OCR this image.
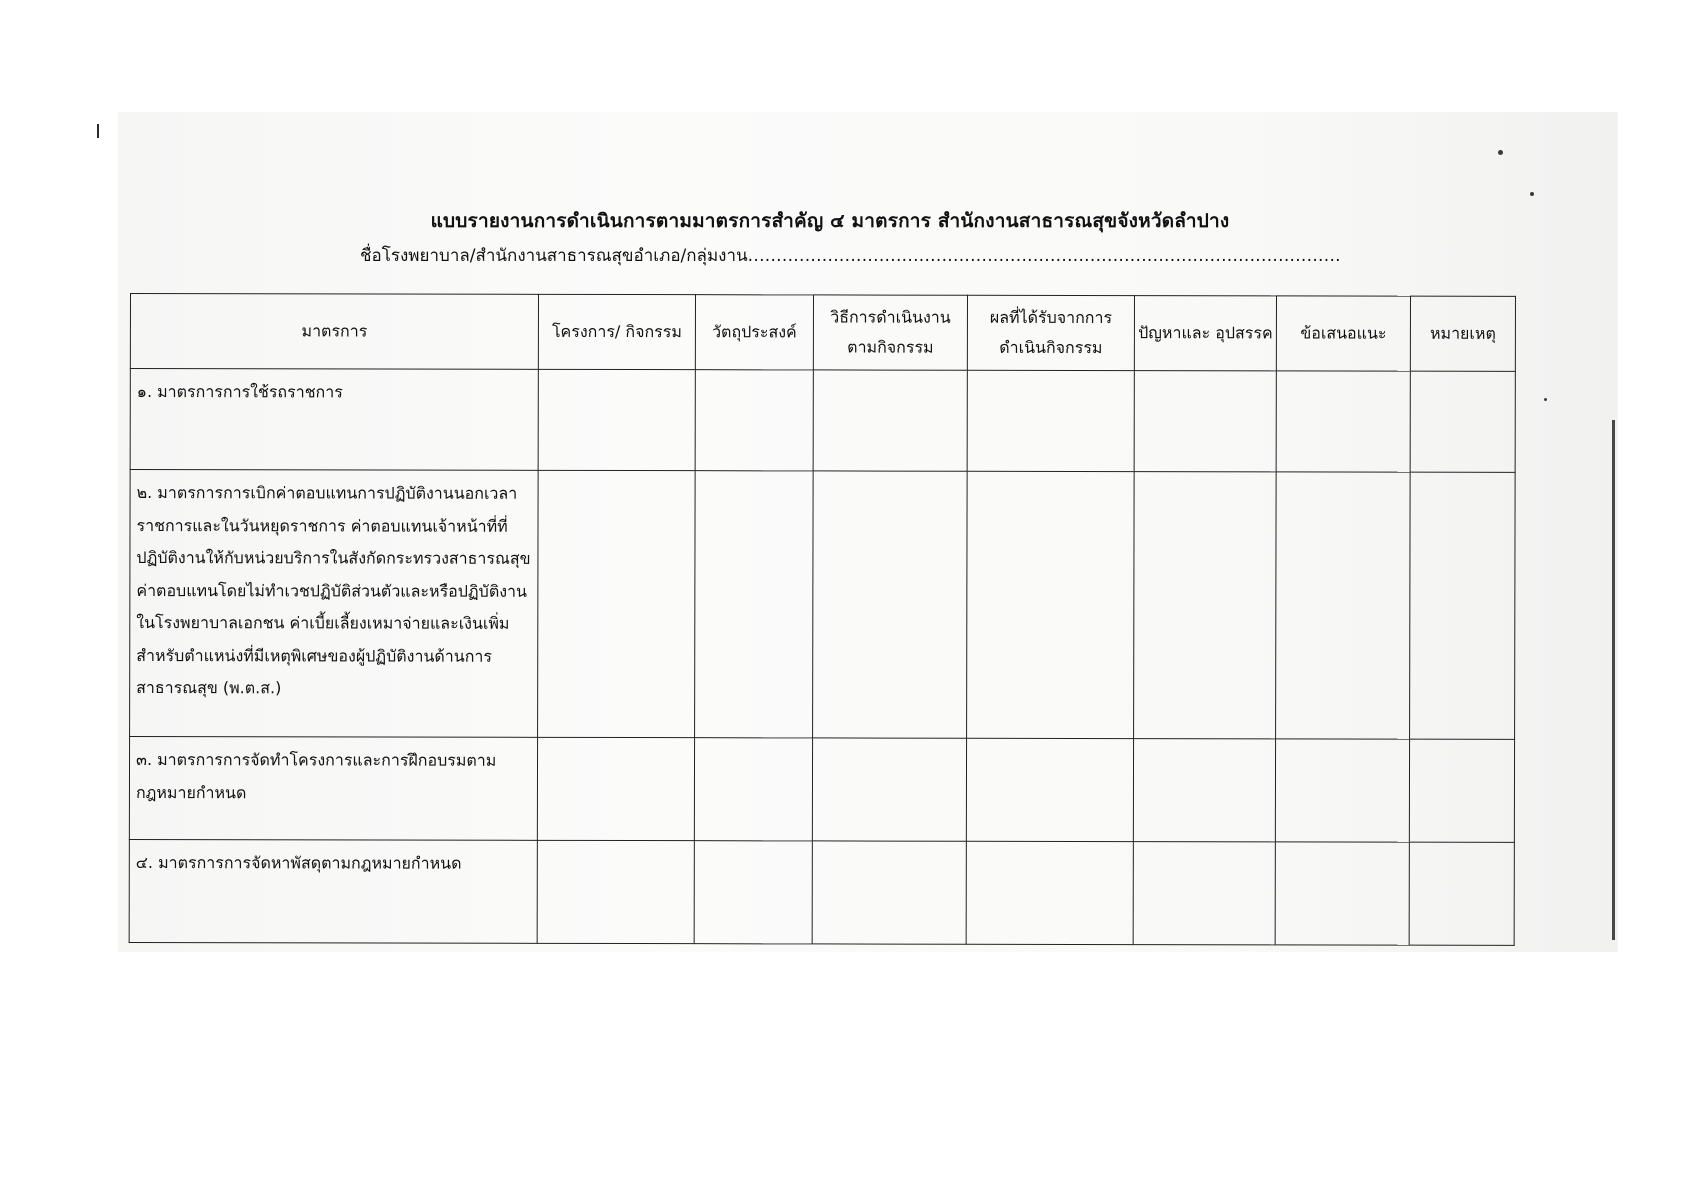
แบบรายงานการดำเนินการตามมาตรการสำคัญ ๔ มาตรการ สำนักงานสาธารณสุขจังหวัดลำปาง
ชื่อโรงพยาบาล/สำนักงานสาธารณสุขอำเภอ/กลุ่มงาน........................................................................................................
มาตรการ	โครงการ/ กิจกรรม	วัตถุประสงค์	วิธีการดำเนินงาน ตามกิจกรรม	ผลที่ได้รับจากการ ดำเนินกิจกรรม	ปัญหาและ อุปสรรค	ข้อเสนอแนะ	หมายเหตุ

๑. มาตรการการใช้รถราชการ							

๒. มาตรการการเบิกค่าตอบแทนการปฏิบัติงานนอกเวลาราชการและในวันหยุดราชการ ค่าตอบแทนเจ้าหน้าที่ที่ปฏิบัติงานให้กับหน่วยบริการในสังกัดกระทรวงสาธารณสุข ค่าตอบแทนโดยไม่ทำเวชปฏิบัติส่วนตัวและหรือปฏิบัติงานในโรงพยาบาลเอกชน ค่าเบี้ยเลี้ยงเหมาจ่ายและเงินเพิ่มสำหรับตำแหน่งที่มีเหตุพิเศษของผู้ปฏิบัติงานด้านการสาธารณสุข (พ.ต.ส.)							

๓. มาตรการการจัดทำโครงการและการฝึกอบรมตามกฎหมายกำหนด							

๔. มาตรการการจัดหาพัสดุตามกฎหมายกำหนด							
